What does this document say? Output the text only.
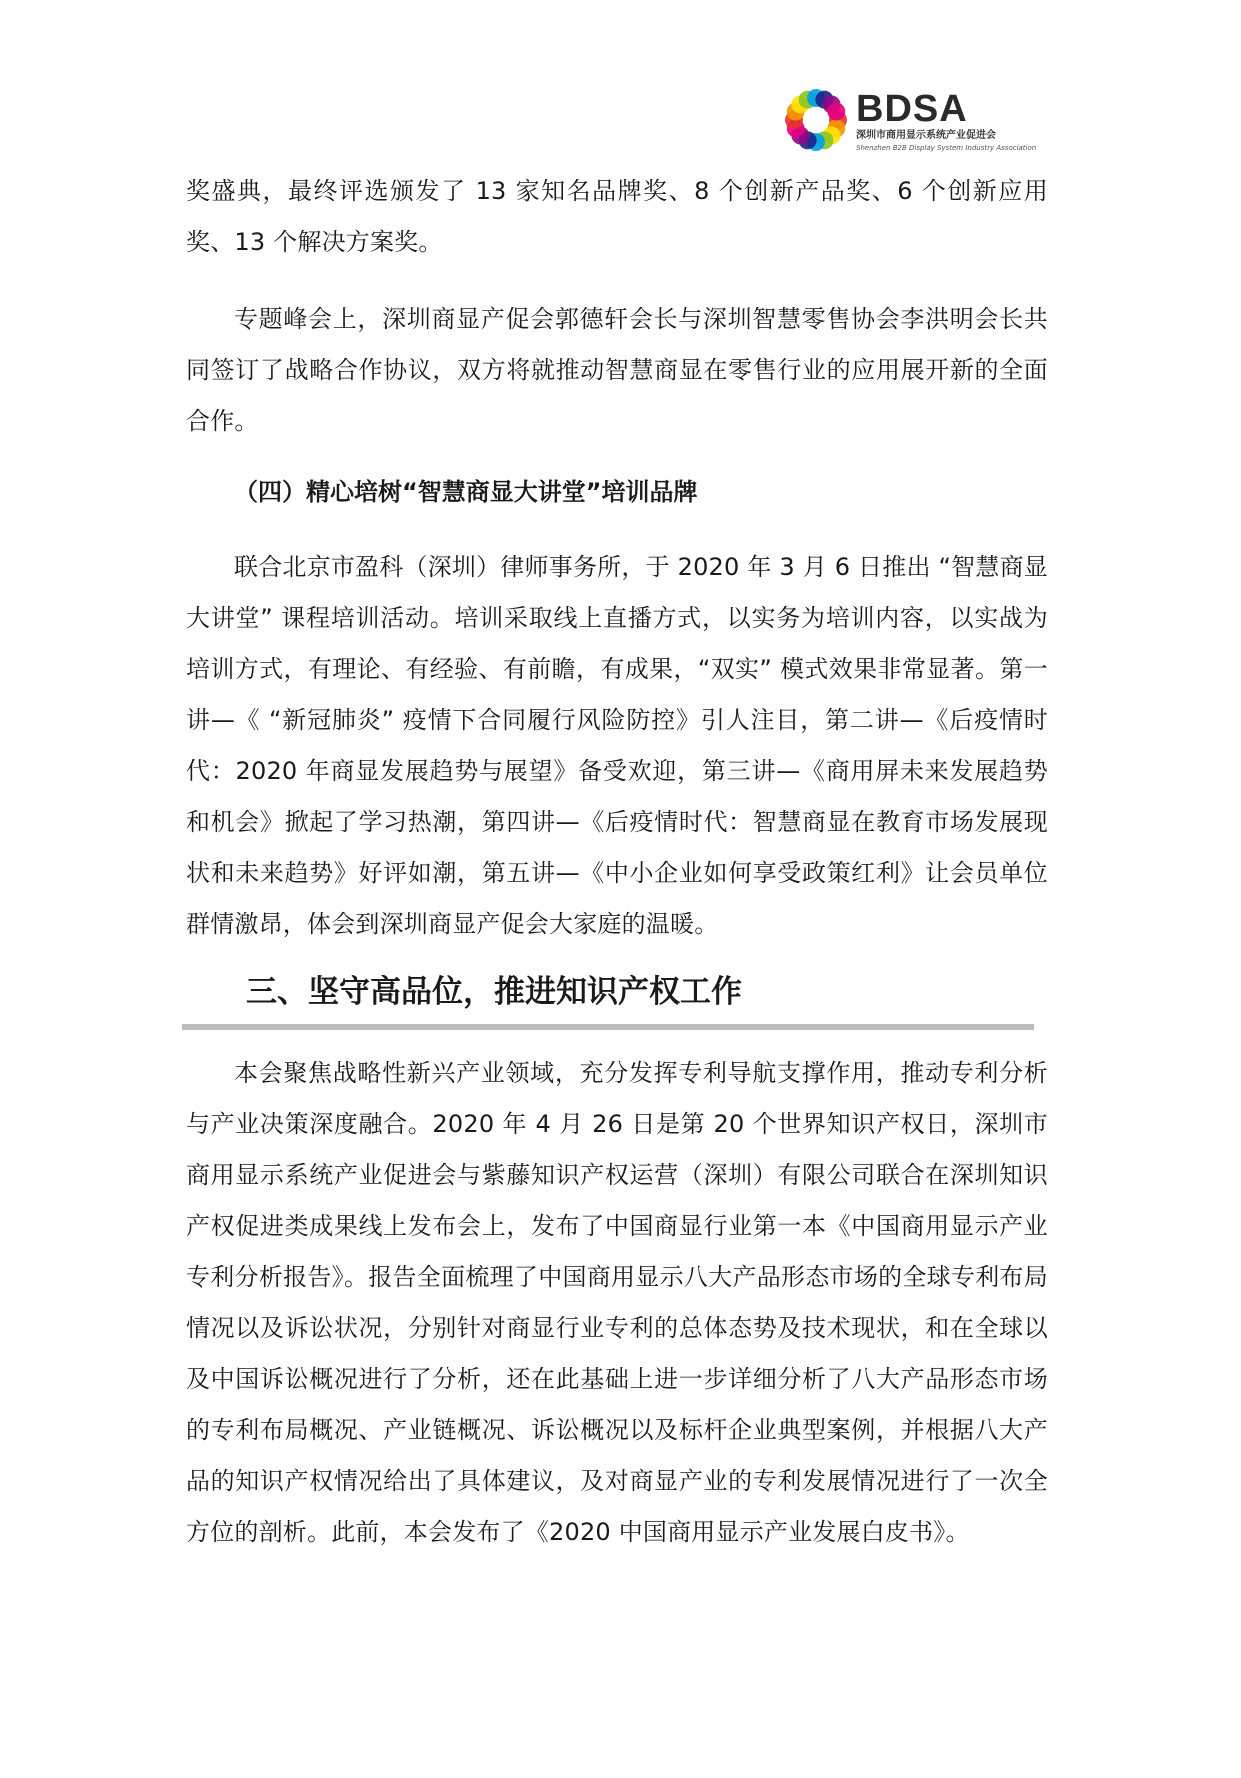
BDSA
深圳市商用显示系统产业促进会
Shenzhen B2B Display System Industry Association

奖盛典，最终评选颁发了 13 家知名品牌奖、8 个创新产品奖、6 个创新应用奖、13 个解决方案奖。

专题峰会上，深圳商显产促会郭德轩会长与深圳智慧零售协会李洪明会长共同签订了战略合作协议，双方将就推动智慧商显在零售行业的应用展开新的全面合作。

（四）精心培树“智慧商显大讲堂”培训品牌

联合北京市盈科（深圳）律师事务所，于 2020 年 3 月 6 日推出 “智慧商显大讲堂” 课程培训活动。培训采取线上直播方式，以实务为培训内容，以实战为培训方式，有理论、有经验、有前瞻，有成果，“双实” 模式效果非常显著。第一讲—《 “新冠肺炎” 疫情下合同履行风险防控》引人注目，第二讲—《后疫情时代：2020 年商显发展趋势与展望》备受欢迎，第三讲—《商用屏未来发展趋势和机会》掀起了学习热潮，第四讲—《后疫情时代：智慧商显在教育市场发展现状和未来趋势》好评如潮，第五讲—《中小企业如何享受政策红利》让会员单位群情激昂，体会到深圳商显产促会大家庭的温暖。

三、坚守高品位，推进知识产权工作

本会聚焦战略性新兴产业领域，充分发挥专利导航支撑作用，推动专利分析与产业决策深度融合。2020 年 4 月 26 日是第 20 个世界知识产权日，深圳市商用显示系统产业促进会与紫藤知识产权运营（深圳）有限公司联合在深圳知识产权促进类成果线上发布会上，发布了中国商显行业第一本《中国商用显示产业专利分析报告》。报告全面梳理了中国商用显示八大产品形态市场的全球专利布局情况以及诉讼状况，分别针对商显行业专利的总体态势及技术现状，和在全球以及中国诉讼概况进行了分析，还在此基础上进一步详细分析了八大产品形态市场的专利布局概况、产业链概况、诉讼概况以及标杆企业典型案例，并根据八大产品的知识产权情况给出了具体建议，及对商显产业的专利发展情况进行了一次全方位的剖析。此前，本会发布了《2020 中国商用显示产业发展白皮书》。
